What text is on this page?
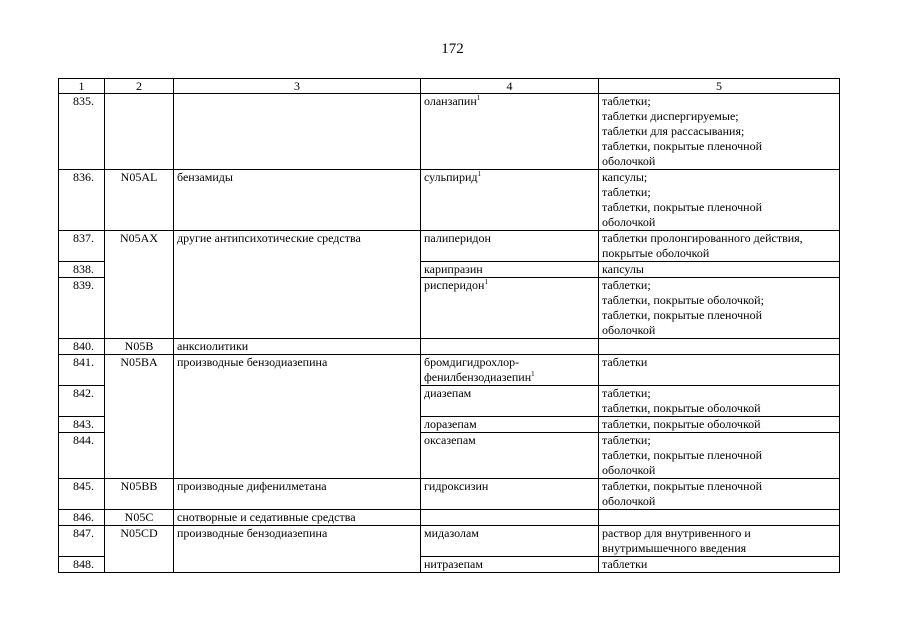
172
1	2	3	4	5
835.			оланзапин$^1$	таблетки;
таблетки диспергируемые;
таблетки для рассасывания;
таблетки, покрытые пленочной
оболочкой

836.	N05AL	бензамиды	сульпирид$^1$	капсулы;
таблетки;
таблетки, покрытые пленочной
оболочкой

837.	N05AX	другие антипсихотические средства	палиперидон	таблетки пролонгированного действия,
покрытые оболочкой

838.			карипразин	капсулы

839.			рисперидон$^1$	таблетки;
таблетки, покрытые оболочкой;
таблетки, покрытые пленочной
оболочкой

840.	N05B	анксиолитики		
841.	N05BA	производные бензодиазепина	бромдигидрохлор-
фенилбензодиазепин$^1$	таблетки

842.			диазепам	таблетки;
таблетки, покрытые оболочкой

843.			лоразепам	таблетки, покрытые оболочкой

844.			оксазепам	таблетки;
таблетки, покрытые пленочной
оболочкой

845.	N05BB	производные дифенилметана	гидроксизин	таблетки, покрытые пленочной
оболочкой

846.	N05C	снотворные и седативные средства		
847.	N05CD	производные бензодиазепина	мидазолам	раствор для внутривенного и
внутримышечного введения

848.			нитразепам	таблетки
